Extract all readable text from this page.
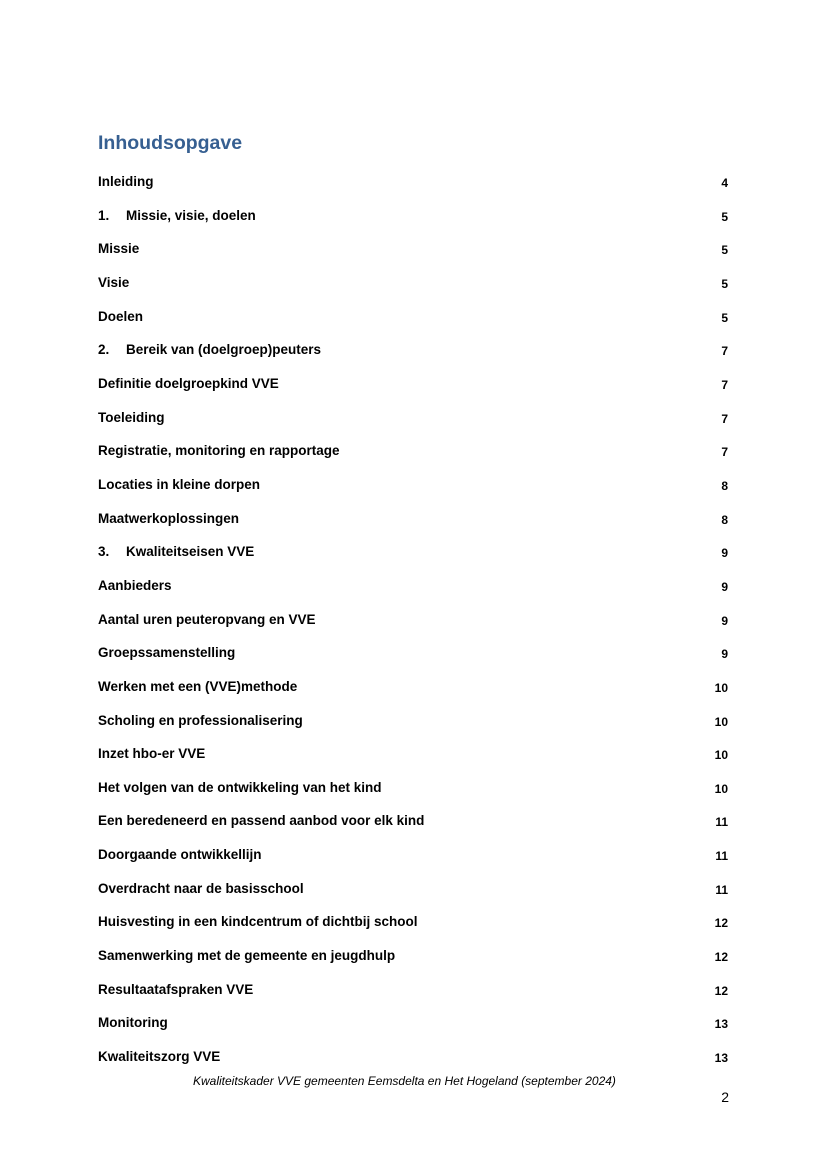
Inhoudsopgave
Inleiding	4
1. Missie, visie, doelen	5
Missie	5
Visie	5
Doelen	5
2. Bereik van (doelgroep)peuters	7
Definitie doelgroepkind VVE	7
Toeleiding	7
Registratie, monitoring en rapportage	7
Locaties in kleine dorpen	8
Maatwerkoplossingen	8
3. Kwaliteitseisen VVE	9
Aanbieders	9
Aantal uren peuteropvang en VVE	9
Groepssamenstelling	9
Werken met een (VVE)methode	10
Scholing en professionalisering	10
Inzet hbo-er VVE	10
Het volgen van de ontwikkeling van het kind	10
Een beredeneerd en passend aanbod voor elk kind	11
Doorgaande ontwikkellijn	11
Overdracht naar de basisschool	11
Huisvesting in een kindcentrum of dichtbij school	12
Samenwerking met de gemeente en jeugdhulp	12
Resultaatafspraken VVE	12
Monitoring	13
Kwaliteitszorg VVE	13
Kwaliteitskader VVE gemeenten Eemsdelta en Het Hogeland (september 2024)
2
